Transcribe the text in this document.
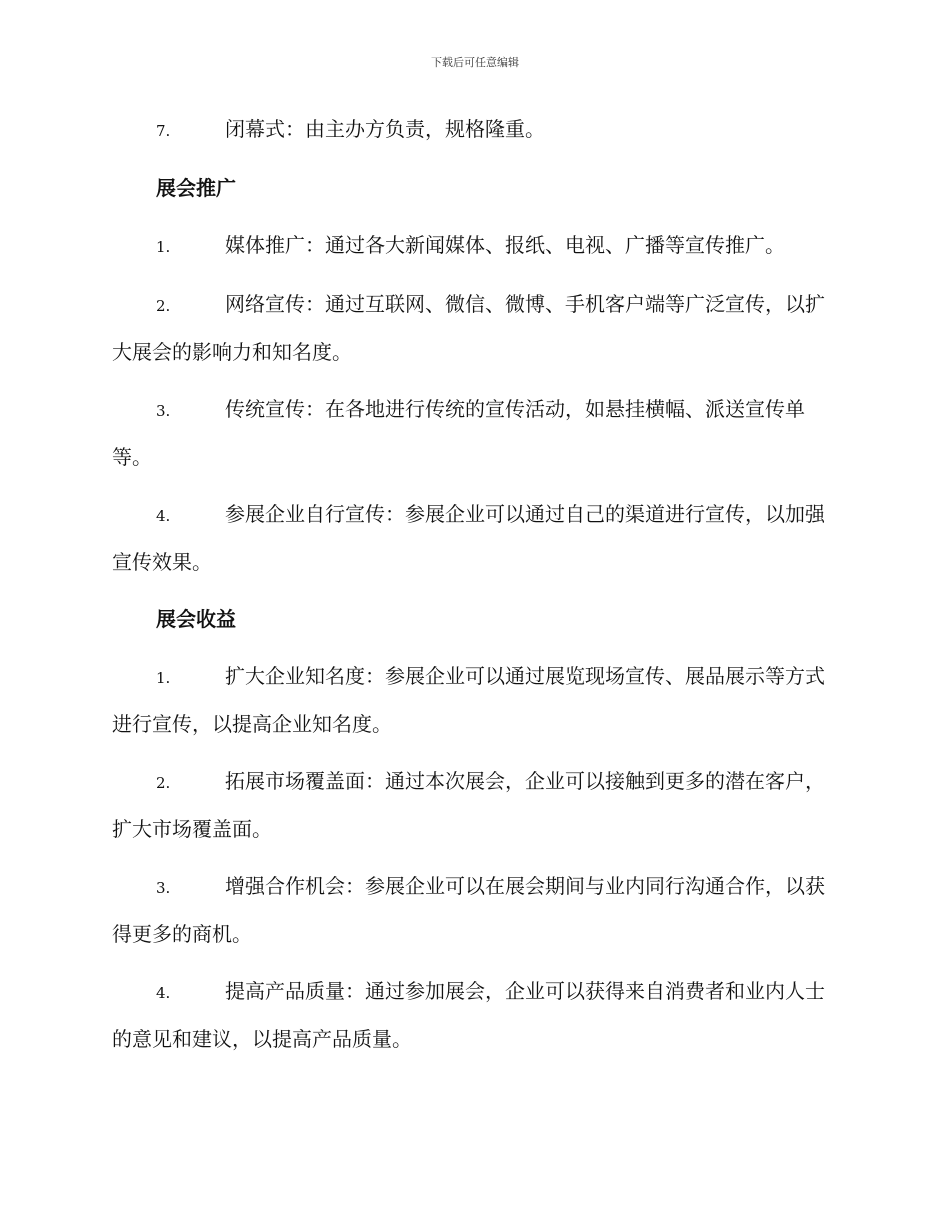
下载后可任意编辑

7.	闭幕式：由主办方负责，规格隆重。

展会推广

1.	媒体推广：通过各大新闻媒体、报纸、电视、广播等宣传推广。

2.	网络宣传：通过互联网、微信、微博、手机客户端等广泛宣传，以扩大展会的影响力和知名度。

3.	传统宣传：在各地进行传统的宣传活动，如悬挂横幅、派送宣传单等。

4.	参展企业自行宣传：参展企业可以通过自己的渠道进行宣传，以加强宣传效果。

展会收益

1.	扩大企业知名度：参展企业可以通过展览现场宣传、展品展示等方式进行宣传，以提高企业知名度。

2.	拓展市场覆盖面：通过本次展会，企业可以接触到更多的潜在客户，扩大市场覆盖面。

3.	增强合作机会：参展企业可以在展会期间与业内同行沟通合作，以获得更多的商机。

4.	提高产品质量：通过参加展会，企业可以获得来自消费者和业内人士的意见和建议，以提高产品质量。
